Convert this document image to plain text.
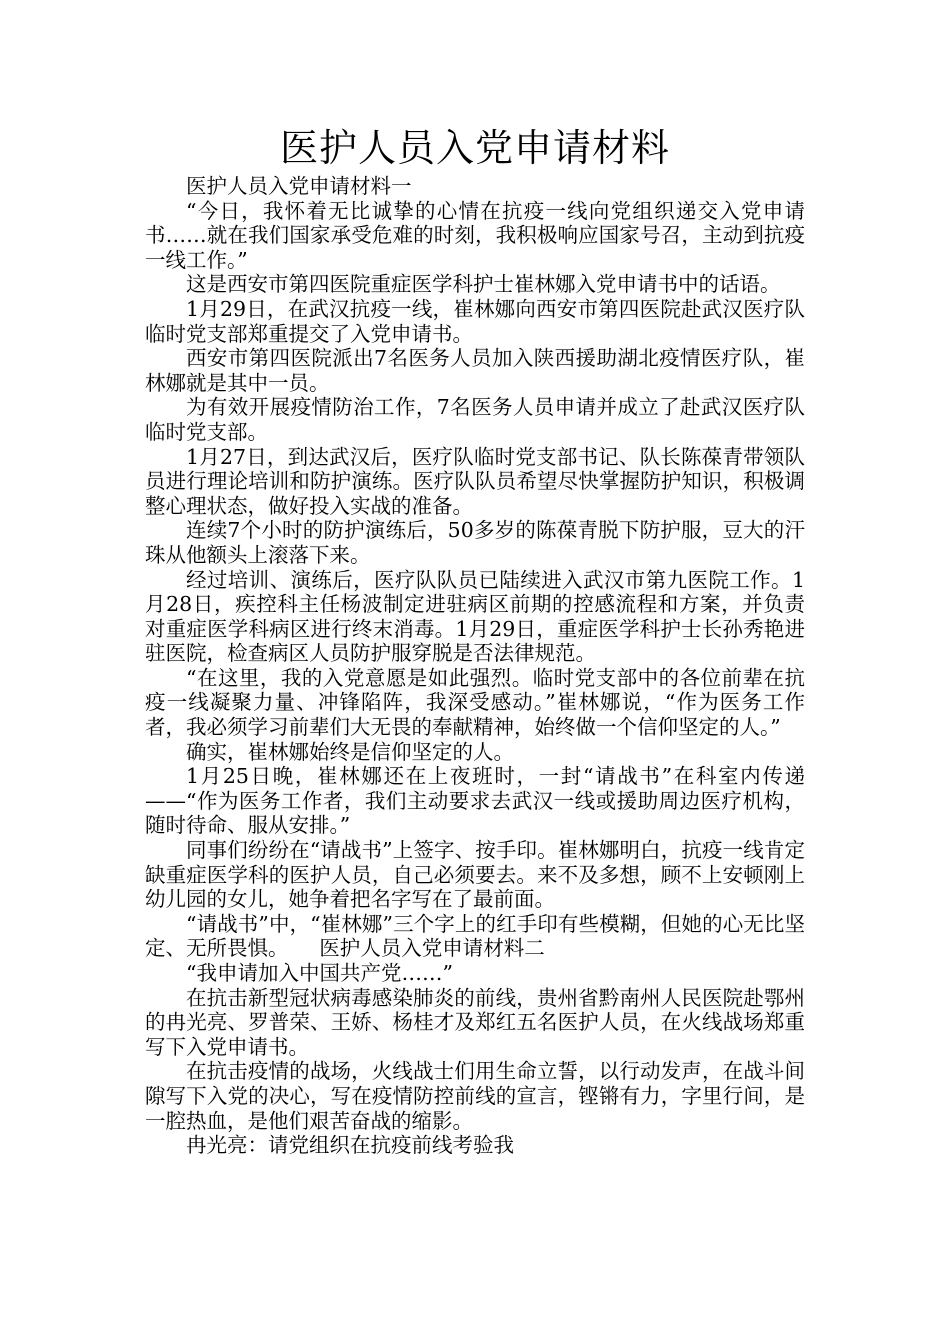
医护人员入党申请材料

医护人员入党申请材料一

“今日，我怀着无比诚挚的心情在抗疫一线向党组织递交入党申请书……就在我们国家承受危难的时刻，我积极响应国家号召，主动到抗疫一线工作。”

这是西安市第四医院重症医学科护士崔林娜入党申请书中的话语。

1月29日，在武汉抗疫一线，崔林娜向西安市第四医院赴武汉医疗队临时党支部郑重提交了入党申请书。

西安市第四医院派出7名医务人员加入陕西援助湖北疫情医疗队，崔林娜就是其中一员。

为有效开展疫情防治工作，7名医务人员申请并成立了赴武汉医疗队临时党支部。

1月27日，到达武汉后，医疗队临时党支部书记、队长陈葆青带领队员进行理论培训和防护演练。医疗队队员希望尽快掌握防护知识，积极调整心理状态，做好投入实战的准备。

连续7个小时的防护演练后，50多岁的陈葆青脱下防护服，豆大的汗珠从他额头上滚落下来。

经过培训、演练后，医疗队队员已陆续进入武汉市第九医院工作。1月28日，疾控科主任杨波制定进驻病区前期的控感流程和方案，并负责对重症医学科病区进行终末消毒。1月29日，重症医学科护士长孙秀艳进驻医院，检查病区人员防护服穿脱是否法律规范。

“在这里，我的入党意愿是如此强烈。临时党支部中的各位前辈在抗疫一线凝聚力量、冲锋陷阵，我深受感动。”崔林娜说，“作为医务工作者，我必须学习前辈们大无畏的奉献精神，始终做一个信仰坚定的人。”

确实，崔林娜始终是信仰坚定的人。

1月25日晚，崔林娜还在上夜班时，一封“请战书”在科室内传递——“作为医务工作者，我们主动要求去武汉一线或援助周边医疗机构，随时待命、服从安排。”

同事们纷纷在“请战书”上签字、按手印。崔林娜明白，抗疫一线肯定缺重症医学科的医护人员，自己必须要去。来不及多想，顾不上安顿刚上幼儿园的女儿，她争着把名字写在了最前面。

“请战书”中，“崔林娜”三个字上的红手印有些模糊，但她的心无比坚定、无所畏惧。　　医护人员入党申请材料二

“我申请加入中国共产党……”

在抗击新型冠状病毒感染肺炎的前线，贵州省黔南州人民医院赴鄂州的冉光亮、罗普荣、王娇、杨桂才及郑红五名医护人员，在火线战场郑重写下入党申请书。

在抗击疫情的战场，火线战士们用生命立誓，以行动发声，在战斗间隙写下入党的决心，写在疫情防控前线的宣言，铿锵有力，字里行间，是一腔热血，是他们艰苦奋战的缩影。

冉光亮：请党组织在抗疫前线考验我
